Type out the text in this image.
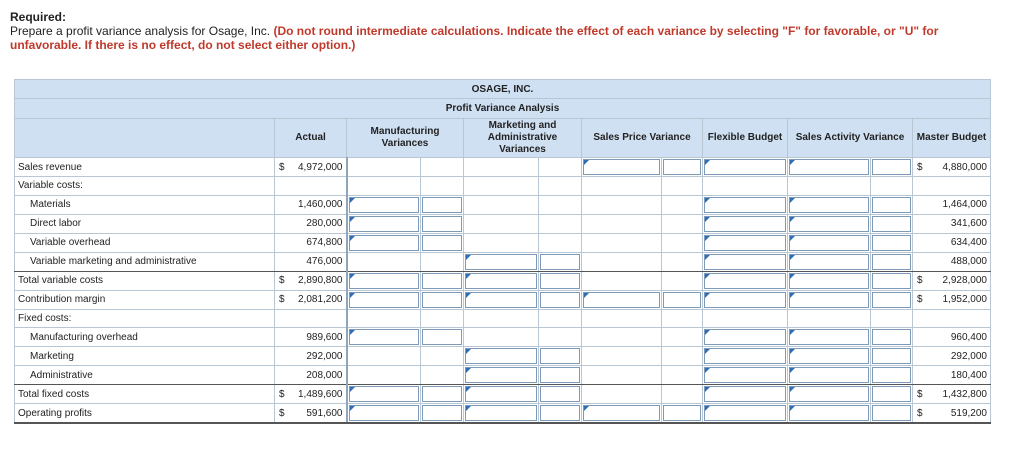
Required:
Prepare a profit variance analysis for Osage, Inc. (Do not round intermediate calculations. Indicate the effect of each variance by selecting "F" for favorable, or "U" for unfavorable. If there is no effect, do not select either option.)
OSAGE, INC.											
Profit Variance Analysis											
	Actual	Manufacturing Variances		Marketing and Administrative Variances		Sales Price Variance		Flexible Budget	Sales Activity Variance		Master Budget
Sales revenue	$ 4,972,000										$ 4,880,000
Variable costs:	

Materials	1,460,000										1,464,000
Direct labor	280,000										341,600
Variable overhead	674,800										634,400
Variable marketing and administrative	476,000										488,000
Total variable costs	$ 2,890,800										$ 2,928,000
Contribution margin	$ 2,081,200										$ 1,952,000
Fixed costs:	

Manufacturing overhead	989,600										960,400
Marketing	292,000										292,000
Administrative	208,000										180,400
Total fixed costs	$ 1,489,600										$ 1,432,800
Operating profits	$ 591,600										$ 519,200
